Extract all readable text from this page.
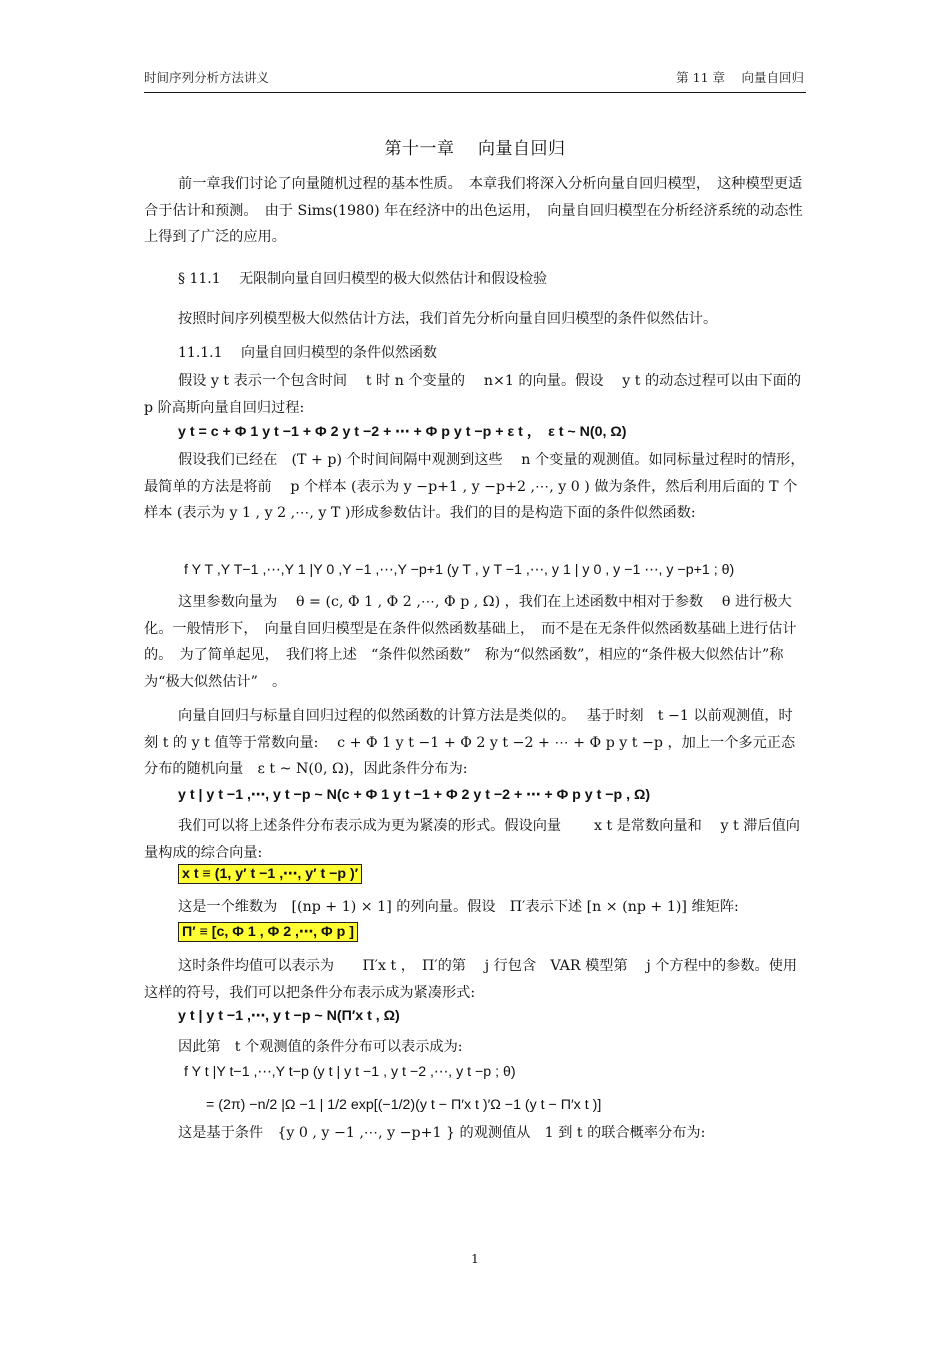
时间序列分析方法讲义	第 11 章　 向量自回归
第十一章　 向量自回归
前一章我们讨论了向量随机过程的基本性质。　本章我们将深入分析向量自回归模型，　这种模型更适合于估计和预测。　由于 Sims(1980) 年在经济中的出色运用，　向量自回归模型在分析经济系统的动态性上得到了广泛的应用。
§ 11.1　 无限制向量自回归模型的极大似然估计和假设检验
按照时间序列模型极大似然估计方法，我们首先分析向量自回归模型的条件似然估计。
11.1.1　 向量自回归模型的条件似然函数
假设 y t 表示一个包含时间　 t 时 n 个变量的　 n×1 的向量。假设　 y t 的动态过程可以由下面的 p 阶高斯向量自回归过程:
y t = c + Φ 1 y t −1 + Φ 2 y t −2 + ⋯ + Φ p y t −p + ε t ，　ε t ~ N(0, Ω)
假设我们已经在　(T + p) 个时间间隔中观测到这些　 n 个变量的观测值。如同标量过程时的情形，最简单的方法是将前　 p 个样本 (表示为 y −p+1 , y −p+2 ,⋯, y 0 ) 做为条件，然后利用后面的 T 个样本 (表示为 y 1 , y 2 ,⋯, y T )形成参数估计。我们的目的是构造下面的条件似然函数:
f Y T ,Y T−1 ,⋯,Y 1 |Y 0 ,Y −1 ,⋯,Y −p+1 (y T , y T −1 ,⋯, y 1 | y 0 , y −1 ⋯, y −p+1 ; θ)
这里参数向量为　 θ = (c, Φ 1 , Φ 2 ,⋯, Φ p , Ω) ，我们在上述函数中相对于参数　 θ 进行极大化。一般情形下，　向量自回归模型是在条件似然函数基础上，　而不是在无条件似然函数基础上进行估计的。　为了简单起见，　我们将上述　“条件似然函数”　称为“似然函数”，相应的“条件极大似然估计”称为“极大似然估计”　。
向量自回归与标量自回归过程的似然函数的计算方法是类似的。　 基于时刻　t −1 以前观测值，时刻 t 的 y t 值等于常数向量:　 c + Φ 1 y t −1 + Φ 2 y t −2 + ⋯ + Φ p y t −p ，加上一个多元正态分布的随机向量　ε t ~ N(0, Ω)，因此条件分布为:
y t | y t −1 ,⋯, y t −p ~ N(c + Φ 1 y t −1 + Φ 2 y t −2 + ⋯ + Φ p y t −p , Ω)
我们可以将上述条件分布表示成为更为紧凑的形式。假设向量　　 x t 是常数向量和　 y t 滞后值向量构成的综合向量:
x t ≡ (1, y′ t −1 ,⋯, y′ t −p )′
这是一个维数为　[(np + 1) × 1] 的列向量。假设　Π′表示下述 [n × (np + 1)] 维矩阵:
Π′ ≡ [c, Φ 1 , Φ 2 ,⋯, Φ p ]
这时条件均值可以表示为　　Π′x t ，　Π′的第　 j 行包含　VAR 模型第　 j 个方程中的参数。使用这样的符号，我们可以把条件分布表示成为紧凑形式:
y t | y t −1 ,⋯, y t −p ~ N(Π′x t , Ω)
因此第　t 个观测值的条件分布可以表示成为:
f Y t |Y t−1 ,⋯,Y t−p (y t | y t −1 , y t −2 ,⋯, y t −p ; θ)
= (2π) −n/2 |Ω −1 | 1/2 exp[(−1/2)(y t − Π′x t )′Ω −1 (y t − Π′x t )]
这是基于条件　{y 0 , y −1 ,⋯, y −p+1 } 的观测值从　1 到 t 的联合概率分布为:
1
